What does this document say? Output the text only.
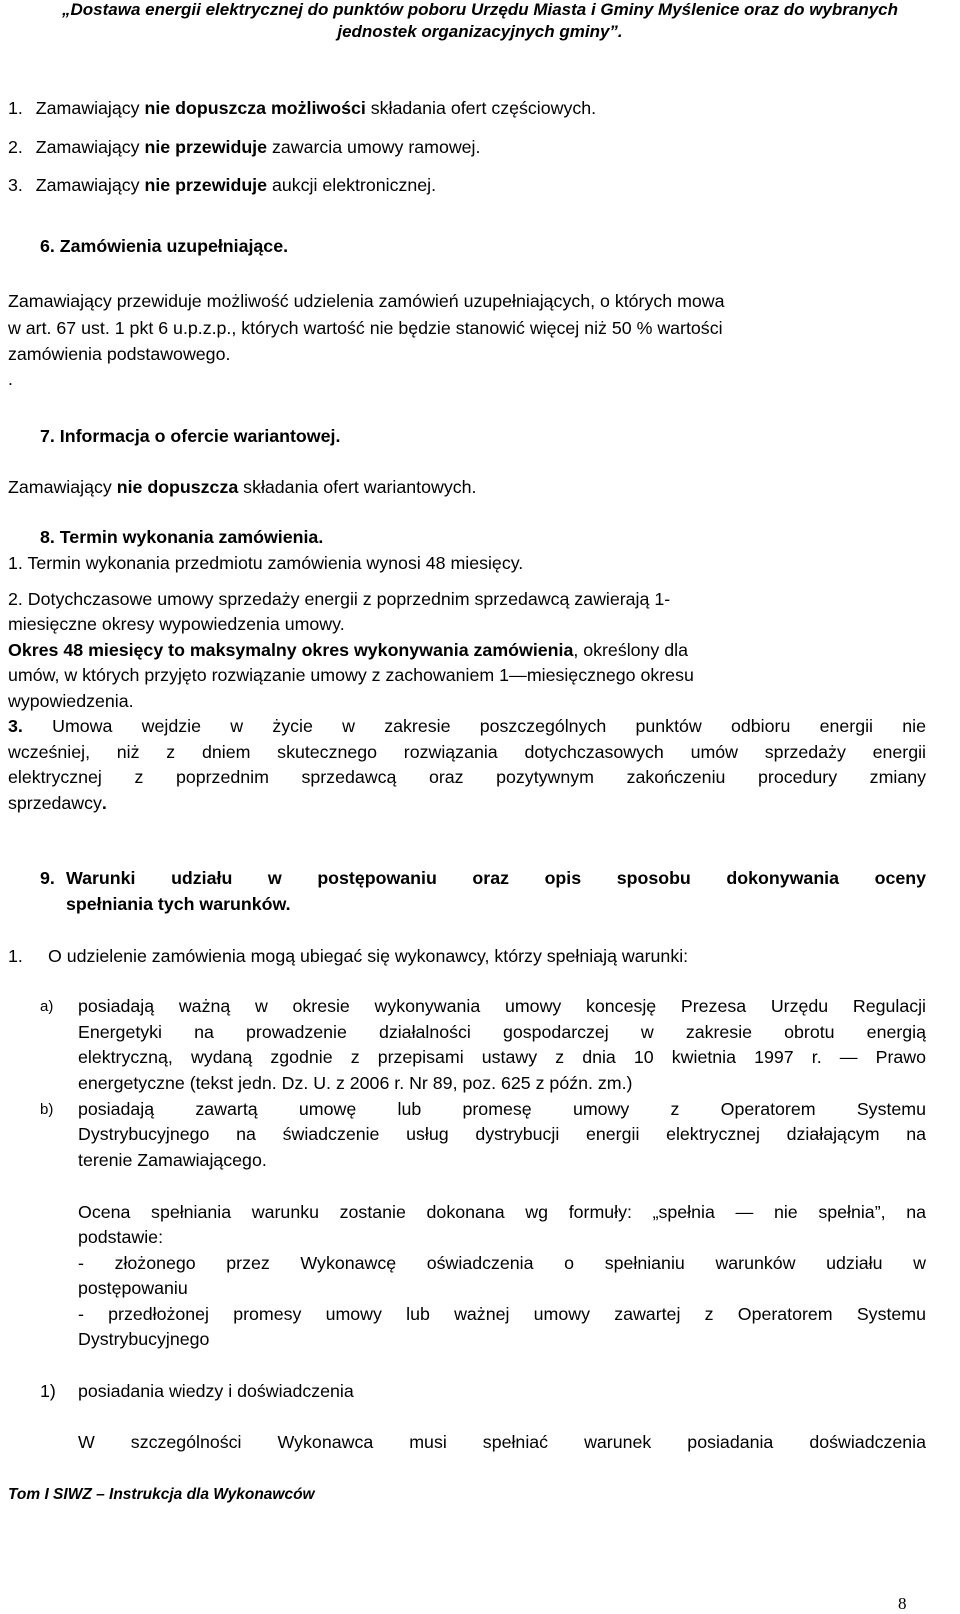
„Dostawa energii elektrycznej do punktów poboru Urzędu Miasta i Gminy Myślenice oraz do wybranych
jednostek organizacyjnych gminy”.
1. Zamawiający nie dopuszcza możliwości składania ofert częściowych.
2. Zamawiający nie przewiduje zawarcia umowy ramowej.
3. Zamawiający nie przewiduje aukcji elektronicznej.
6. Zamówienia uzupełniające.
Zamawiający przewiduje możliwość udzielenia zamówień uzupełniających, o których mowa
w art. 67 ust. 1 pkt 6 u.p.z.p., których wartość nie będzie stanowić więcej niż 50 % wartości
zamówienia podstawowego.
.
7. Informacja o ofercie wariantowej.
Zamawiający nie dopuszcza składania ofert wariantowych.
8. Termin wykonania zamówienia.
1. Termin wykonania przedmiotu zamówienia wynosi 48 miesięcy.
2. Dotychczasowe umowy sprzedaży energii z poprzednim sprzedawcą zawierają 1-
miesięczne okresy wypowiedzenia umowy.
Okres 48 miesięcy to maksymalny okres wykonywania zamówienia, określony dla
umów, w których przyjęto rozwiązanie umowy z zachowaniem 1—miesięcznego okresu
wypowiedzenia.
3. Umowa wejdzie w życie w zakresie poszczególnych punktów odbioru energii nie
wcześniej, niż z dniem skutecznego rozwiązania dotychczasowych umów sprzedaży energii
elektrycznej z poprzednim sprzedawcą oraz pozytywnym zakończeniu procedury zmiany
sprzedawcy.
9. Warunki udziału w postępowaniu oraz opis sposobu dokonywania oceny
spełniania tych warunków.
1. O udzielenie zamówienia mogą ubiegać się wykonawcy, którzy spełniają warunki:
a) posiadają ważną w okresie wykonywania umowy koncesję Prezesa Urzędu Regulacji
Energetyki na prowadzenie działalności gospodarczej w zakresie obrotu energią
elektryczną, wydaną zgodnie z przepisami ustawy z dnia 10 kwietnia 1997 r. — Prawo
energetyczne (tekst jedn. Dz. U. z 2006 r. Nr 89, poz. 625 z późn. zm.)
b) posiadają zawartą umowę lub promesę umowy z Operatorem Systemu
Dystrybucyjnego na świadczenie usług dystrybucji energii elektrycznej działającym na
terenie Zamawiającego.
Ocena spełniania warunku zostanie dokonana wg formuły: „spełnia — nie spełnia”, na
podstawie:
- złożonego przez Wykonawcę oświadczenia o spełnianiu warunków udziału w
postępowaniu
- przedłożonej promesy umowy lub ważnej umowy zawartej z Operatorem Systemu
Dystrybucyjnego
1) posiadania wiedzy i doświadczenia
W szczególności Wykonawca musi spełniać warunek posiadania doświadczenia
Tom I SIWZ – Instrukcja dla Wykonawców
8
